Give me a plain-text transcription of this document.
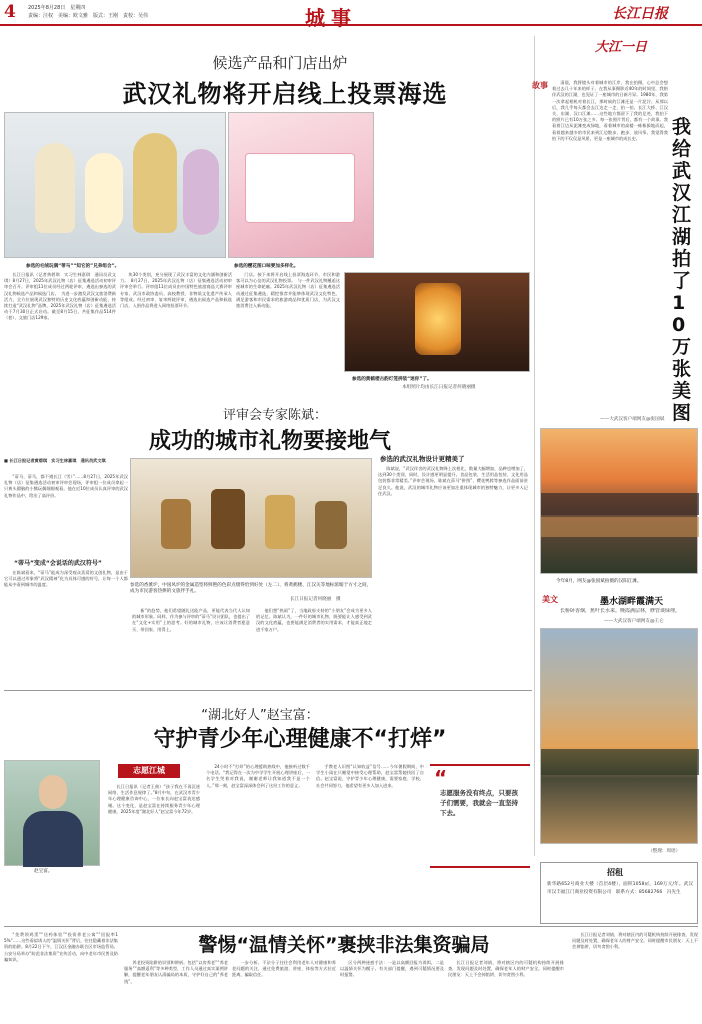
4 2025年8月28日　星期四
责编：汪权　美编：欧文雅　版式：王刚　责校：吴伟	城事	长江日报
候选产品和门店出炉
武汉礼物将开启线上投票海选
参选的毛绒玩偶“蒂马”“知它的”兄弟组合”。	参选的樱花图口味要加多样化。

长江日报讯（记者黄碧琪　实习生林嘉琪　通讯员武文琪）8月27日，2025年武汉礼物（店）征集遴选活动初审评审会召开。评审组11位成员经过两轮评审，遴选出参选的武汉礼物候选产品和候选门店。　为进一步激发武汉文旅消费新活力，全方位展现武汉独特的历史文化底蕴和创新动能，持续打造“武汉礼物”品牌，2025年武汉礼物（店）征集遴选活动于7月30日正式启动。截至8月15日，共征集作品514件（套）、文旅门店129家。

块30个类别，充分展现了武汉丰富的文化内涵和创新活力。　8月27日，2025年武汉礼物（店）征集遴选活动初审评审会举行。评审组11位成员由中国特色旅游商品大赛评审专家、武汉市政协委员、高校教授、非物质文化遗产传承人等组成。经过初审、复审两轮评审，遴选出候选产品和候选门店，入围作品将进入网络投票环节。

门店。接下来将开启线上投票海选环节，市民和游客可以为心仪的武汉礼物投票。　与一件武汉礼物邂逅这座城市的生命轮廓。2025年武汉礼物（店）征集遴选活动通过征集遴选，精挖推荐并能够体现武汉文化特色、满足游客和市民需求的旅游商品和优质门店，为武汉文旅消费注入新动能。

参选的黄鹤楼古韵灯笼拼装“迷你”了。
本组照片均由长江日报记者何晓丽摄
评审会专家陈斌：
成功的城市礼物要接地气
■ 长江日报记者黄碧琪　实习生林嘉琪　通讯员武文琪

“蒂马、蒂马，都不遇长江（雪）”……8月27日，2025年武汉礼物（店）征集遴选活动初审评审会现场，评审组一位成员拿起一只黄头圆脑的小熊玩偶细细观看。他在近10位成员认真评审的武汉礼物作品中，给出了高评价。

“蒂马”变成“会说话的武汉符号”

在陈斌看来，“蒂马”能成为深受观众喜爱的文创礼物，是由于它可以通过形象将“武汉精神”化为具体可感的符号，让每一个人都能从中看到城市的温度。	参选的香薰炉，中国风炉的金属造型将鲜艳的色彩点缀得恰到好处（左二）、将黄鹤楼、江汉关等地标浓缩于方寸之间，成为市民游客热捧的文旅伴手礼。
长江日报记者何晓丽　摄

新”的趋势，他们希望随礼送能产品，更能代表当代人认知的城市形象。同样，作为参与评审的“蒂马”设计团队，也提出了在“文化+实用”上的思考。好的城市礼物，应该让消费者愿意买、带回家、用得上。

他们想“热闹”了，当地政府支持的“小朋友”会成为更多人的记忆。陈斌认为，一件好的城市礼物，既要能让人感受到武汉的文化底蕴，也要能满足消费者的实用需求，才能真正地走进千家万户。

参选的武汉礼物设计更精美了

陈斌说，“武汉伴舍的武汉礼物降上次相比，数量大幅增加，品种也增加了，达到30个类别，同时，设计感更明显提升。食品包装、生活用品包装、文化用品包装都非常精美。”评审会现场，陈斌在蒂马“拼图”、樱花鸭脖等参选作品面前驻足良久。他说，武汉的城市礼物应该更加注重体现城市的独特魅力，让更多人记住武汉。

大江一日
故事
我给武汉江湖拍了10万张美图

清晨，我将镜头对着城市的江岸，我在拍摄，心中总会想着过去几十年来的样子。在我从事摄影近40年的时间里，我陪伴武汉的江湖，也见证了一座城市的日新月异。1980年，我第一次拿起相机对着长江，那时候的江滩还是一片泥泞。从那以后，我几乎每天都会去江边走一走、拍一拍。长江大桥、江汉关、东湖、汉口江滩……这些地方都留下了我的足迹，我拍下的照片已有10万张之多。每一张照片背后，都有一个故事。我看着江边从泥滩变成绿地，看着城市的高楼一栋栋拔地而起，看着越来越多的市民来到江边散步、跑步、放风筝。我觉得我拍下的不仅仅是风景，更是一座城市的成长史。

——大武汉客户端网友@张国斌
今年8月，网友@张国斌拍摄的汉阳江滩。
美文	墨水湖畔霞满天
长桥卧香烟，蕉叶长水来。晚霞满层林，修管谈绿埋。
——大武汉客户端网友@王仑
（整理：周瑶）
“湖北好人”赵宝富：
守护青少年心理健康不“打烊”
赵宝富。
志愿江城

长江日报讯（记者王曲）“孩子我在不再沉迷网络，生活作息规律了。”8月中旬，在武汉市青少年心理健康咨询中心，一位家长向赵宝富表达感谢。这个变化，是赵宝富在持续服务青少年心理健康，2025年度“湖北好人”赵宝富今年72岁。

24小时不“打烊”的心理援助热线中，他接听过数千个电话。“我记得在一次为中学学生开展心理讲座后，一名学生哭着对我说，谢谢老师让我知道我不是一个人。”那一刻，赵宝富深深体会到了这份工作的意义。

手教老人识图“认知收益”信号……今年暑假期间，中学生小雨在只睡觉中接受心理帮助，赵宝富帮她找回了自信。赵宝富说，守护青少年心理健康，需要家庭、学校、社会共同努力，他希望有更多人加入进来。	“
志愿服务没有终点，只要孩子们需要，我就会一直坚持下去。
招租
新华路652号商业大楼（首层4楼），面积1058㎡，169万元/年。武汉市汉丰福江门商业投资有限公司　联系方式：85682766　冯先生

“免费领鸡蛋”“送药体验”“投资养老公寓”“回报率15%”……这些看似诱人的“温情关怀”背后，往往隐藏着非法集资的陷阱。8月22日下午，江汉区金融办联合区市场监管局、公安分局举办“防范非法集资”宣传活动，向中老年市民普及防骗知识。

警惕“温情关怀”裹挟非法集资骗局

养老投资陷阱的识别和辨析。包括“以房养老”“养老服务”“高额返利”等多种类型，工作人员通过真实案例讲解，提醒老年朋友认清骗局的本质，守护好自己的“养老钱”。

一步分析。不法分子往往会利用老年人对健康和养老问题的关注，通过免费旅游、讲座、体检等方式拉近距离，骗取信任。

区分两种迷惑手法：一是以高额回报为诱饵，二是以温情关怀为幌子。有关部门提醒，遇到可疑情况要及时报警。

长江日报记者刘倩，将对辖区内的可疑机构持续开展排查，发现问题及时处置，确保老年人的财产安全。同时提醒市民朋友：天上不会掉馅饼，切勿贪图小利。

长江日报记者刘倩，将对辖区内的可疑机构持续开展排查，发现问题及时处置，确保老年人的财产安全。同时提醒市民朋友：天上不会掉馅饼，切勿贪图小利。
